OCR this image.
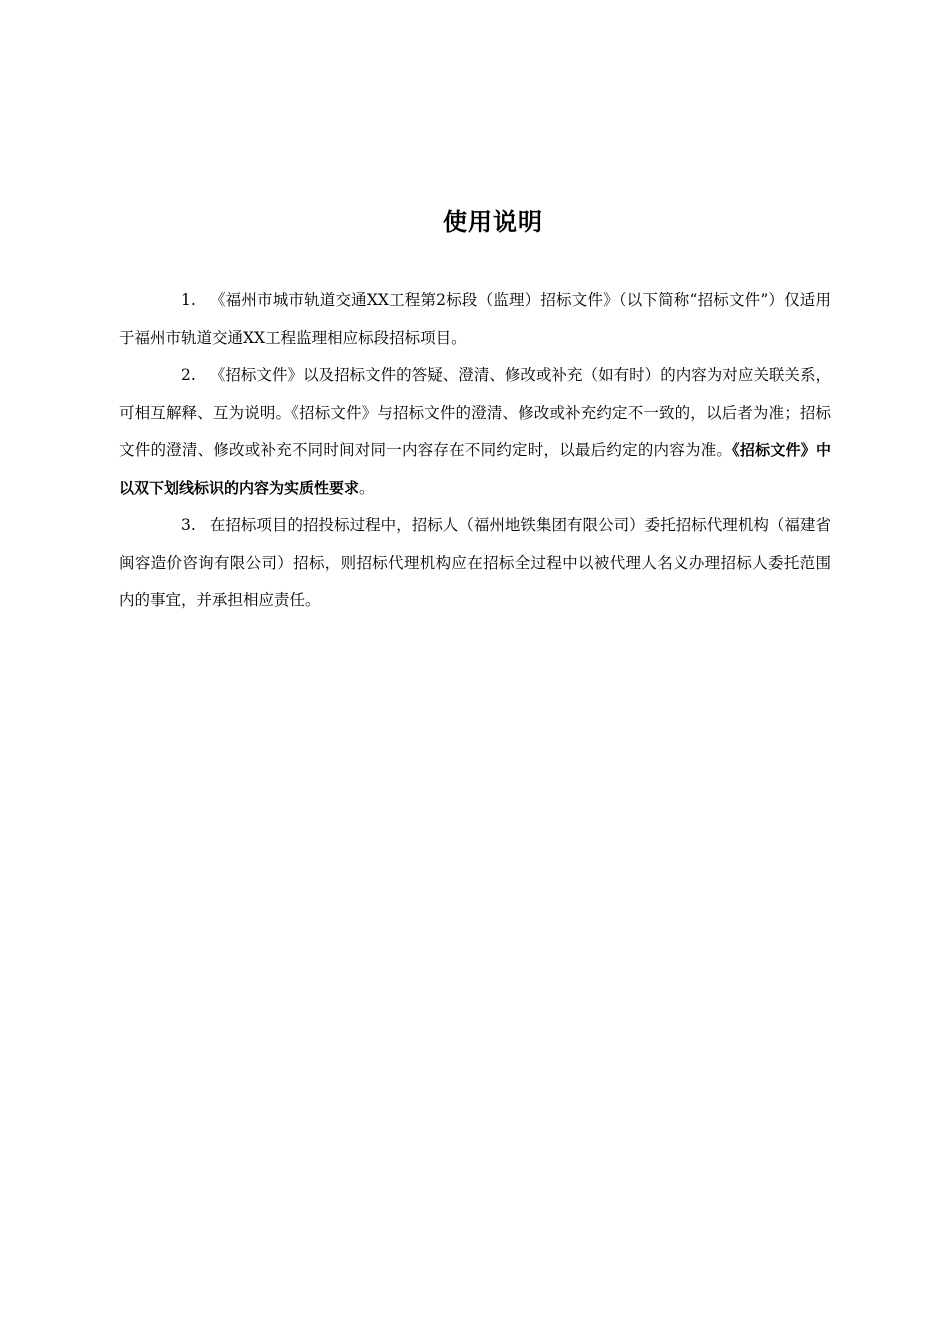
使用说明

1. 《福州市城市轨道交通XX工程第2标段（监理）招标文件》（以下简称“招标文件”）仅适用于福州市轨道交通XX工程监理相应标段招标项目。

2. 《招标文件》以及招标文件的答疑、澄清、修改或补充（如有时）的内容为对应关联关系，可相互解释、互为说明。《招标文件》与招标文件的澄清、修改或补充约定不一致的，以后者为准；招标文件的澄清、修改或补充不同时间对同一内容存在不同约定时，以最后约定的内容为准。《招标文件》中以双下划线标识的内容为实质性要求。

3. 在招标项目的招投标过程中，招标人（福州地铁集团有限公司）委托招标代理机构（福建省闽容造价咨询有限公司）招标，则招标代理机构应在招标全过程中以被代理人名义办理招标人委托范围内的事宜，并承担相应责任。
